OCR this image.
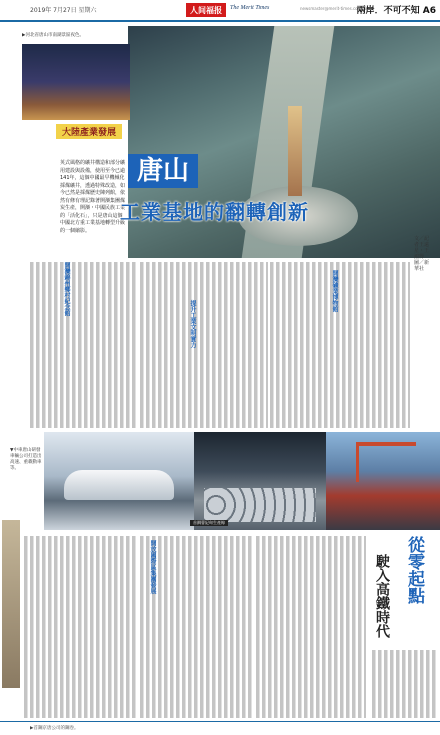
2019年 7月27日 星期六	人间福报	The Merit Times	newsmaster@merit-times.com.tw
兩岸．不可不知 A6
▶河北省唐山市南湖景區夜色。
大陸產業發展

英式風格的礦井構造和部分礦用建設與設備，使用至今已逾141年，這個中國最早機械化採煤礦井，透過特殊改造，如今已然是採煤歷史陳列館，依然有條有理記錄著開灤集團煤炭生產，開灤・中國民族工業的「活化石」，只是唐山這個中國北方重工業基地轉型升級的一個縮影。

唐山
工業基地的翻轉創新
文／記者王遠星・王鴻得　圖／新華社
開灤礦業博物館
提升工業文明實力
開灤錦州鄉村紀念館

▼中車唐山研發車輛公司打造出高速、重載動車等。

首鋼曹妃甸生產線
開放國際區集團發展	從零起點
駛入高鐵時代
▶首鋼京唐公司的鋼卷。
